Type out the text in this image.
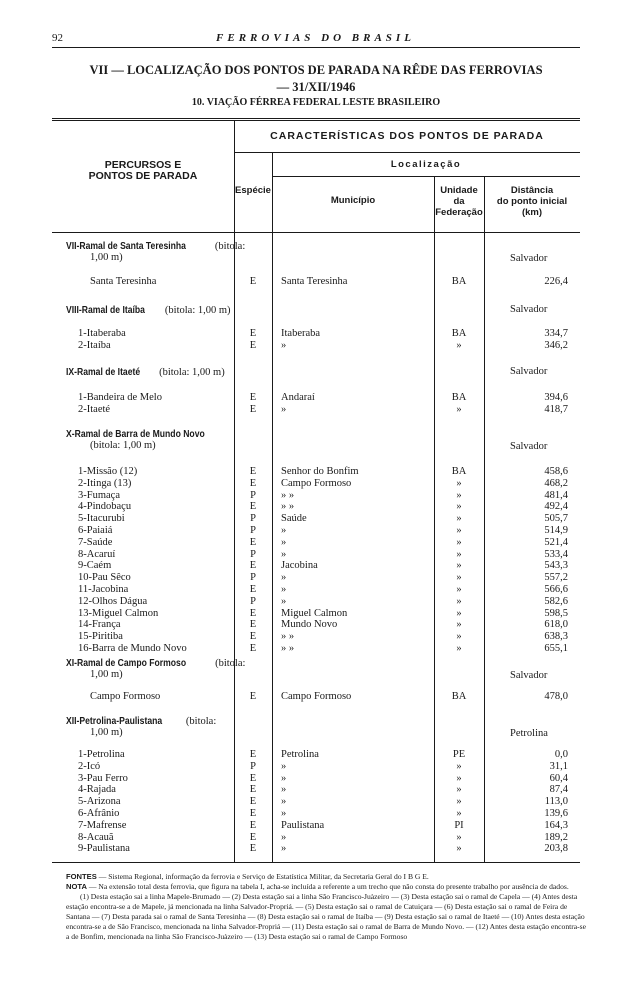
92	FERROVIAS DO BRASIL
VII — LOCALIZAÇÃO DOS PONTOS DE PARADA NA RÊDE DAS FERROVIAS
— 31/XII/1946
10. VIAÇÃO FÉRREA FEDERAL LESTE BRASILEIRO
PERCURSOS E
PONTOS DE PARADA
CARACTERÍSTICAS DOS PONTOS DE PARADA
Localização
Espécie
Município
Unidade
da
Federação
Distância
do ponto inicial
(km)
VII-Ramal de Santa Teresinha	(bitola:
1,00 m)	Salvador
Santa Teresinha	E	Santa Teresinha	BA	226,4
VIII-Ramal de Itaíba (bitola: 1,00 m)	Salvador
1-Itaberaba	E	Itaberaba	BA	334,7
2-Itaíba	E	»	»	346,2
IX-Ramal de Itaeté (bitola: 1,00 m)	Salvador
1-Bandeira de Melo	E	Andaraí	BA	394,6
2-Itaeté	E	»	»	418,7
X-Ramal de Barra de Mundo Novo
(bitola: 1,00 m)	Salvador
1-Missão (12)	E	Senhor do Bonfim	BA	458,6
2-Itinga (13)	E	Campo Formoso	»	468,2
3-Fumaça	P	» »	»	481,4
4-Pindobaçu	E	» »	»	492,4
5-Itacurubi	P	Saúde	»	505,7
6-Paiaiá	P	»	»	514,9
7-Saúde	E	»	»	521,4
8-Acaruí	P	»	»	533,4
9-Caém	E	Jacobina	»	543,3
10-Pau Sêco	P	»	»	557,2
11-Jacobina	E	»	»	566,6
12-Olhos Dágua	P	»	»	582,6
13-Miguel Calmon	E	Miguel Calmon	»	598,5
14-França	E	Mundo Novo	»	618,0
15-Piritiba	E	» »	»	638,3
16-Barra de Mundo Novo	E	» »	»	655,1
XI-Ramal de Campo Formoso	(bitola:
1,00 m)	Salvador
Campo Formoso	E	Campo Formoso	BA	478,0
XII-Petrolina-Paulistana (bitola:
1,00 m)	Petrolina
1-Petrolina	E	Petrolina	PE	0,0
2-Icó	P	»	»	31,1
3-Pau Ferro	E	»	»	60,4
4-Rajada	E	»	»	87,4
5-Arizona	E	»	»	113,0
6-Afrânio	E	»	»	139,6
7-Mafrense	E	Paulistana	PI	164,3
8-Acauã	E	»	»	189,2
9-Paulistana	E	»	»	203,8

FONTES — Sistema Regional, informação da ferrovia e Serviço de Estatística Militar, da Secretaria Geral do I B G E.

NOTA — Na extensão total desta ferrovia, que figura na tabela I, acha-se incluída a referente a um trecho que não consta do presente trabalho por ausência de dados.

(1) Desta estação sai a linha Mapele-Brumado — (2) Desta estação sai a linha São Francisco-Juàzeiro — (3) Desta estação sai o ramal de Capela — (4) Antes desta estação encontra-se a de Mapele, já mencionada na linha Salvador-Propriá. — (5) Desta estação sai o ramal de Catuiçara — (6) Desta estação sai o ramal de Feira de Santana — (7) Desta parada sai o ramal de Santa Teresinha — (8) Desta estação sai o ramal de Itaíba — (9) Desta estação sai o ramal de Itaeté — (10) Antes desta estação encontra-se a de São Francisco, mencionada na linha Salvador-Propriá — (11) Desta estação sai o ramal de Barra de Mundo Novo. — (12) Antes desta estação encontra-se a de Bonfim, mencionada na linha São Francisco-Juàzeiro — (13) Desta estação sai o ramal de Campo Formoso
